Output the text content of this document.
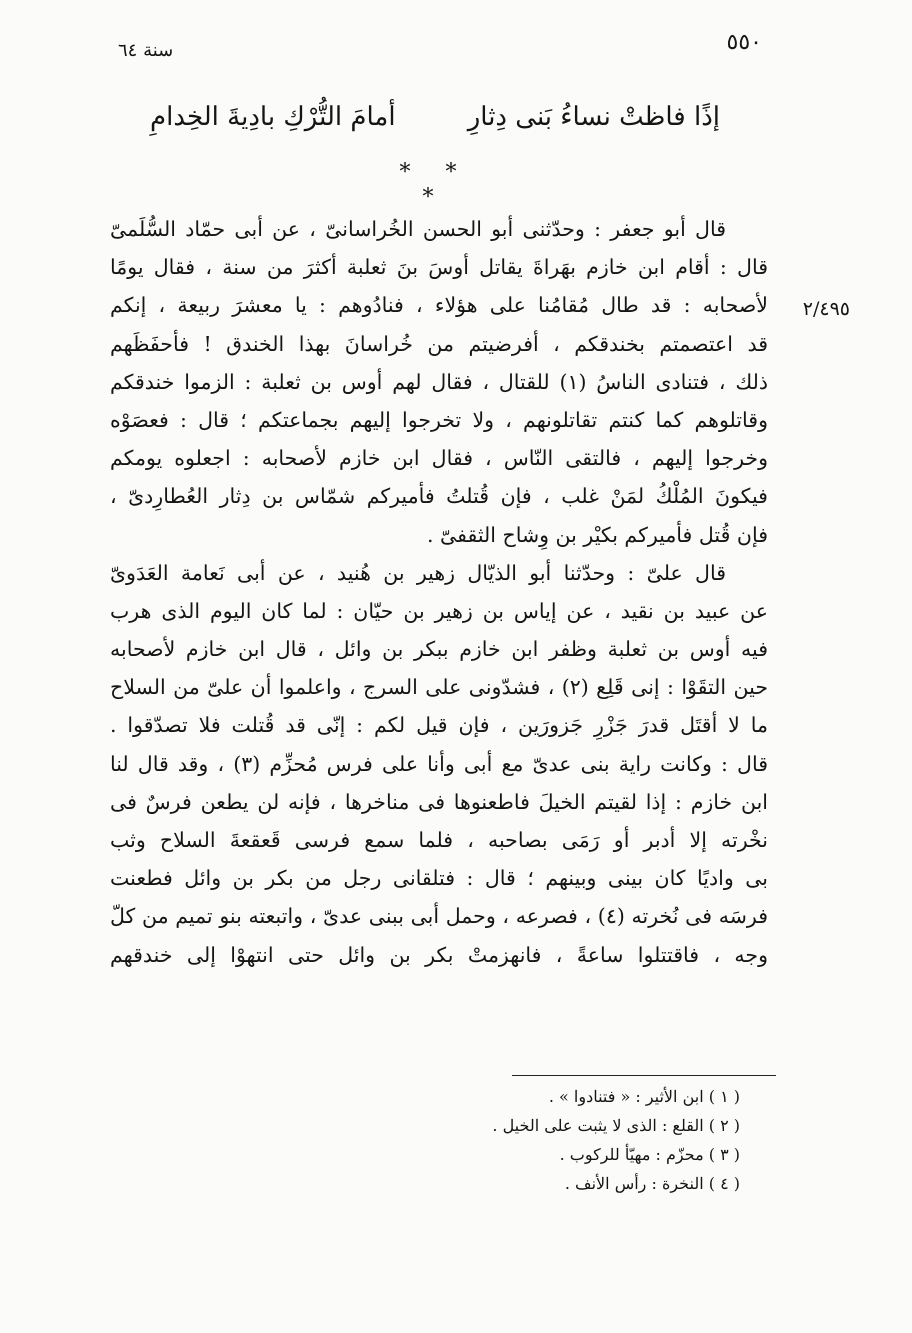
٥٥٠
سنة ٦٤
إذًا فاظتْ نساءُ بَنى دِثارِ
أمامَ التُّرْكِ بادِيةَ الخِدامِ
* * *
٢/٤٩٥
قال أبو جعفر : وحدّثنى أبو الحسن الخُراسانىّ ، عن أبى حمّاد السُّلَمىّ
قال : أقام ابن خازم بهَراةَ يقاتل أوسَ بنَ ثعلبة أكثرَ من سنة ، فقال يومًا
لأصحابه : قد طال مُقامُنا على هؤلاء ، فنادُوهم : يا معشرَ ربيعة ، إنكم
قد اعتصمتم بخندقكم ، أفرضيتم من خُراسانَ بهذا الخندق ! فأحفَظَهم
ذلك ، فتنادى الناسُ (١) للقتال ، فقال لهم أوس بن ثعلبة : الزموا خندقكم
وقاتلوهم كما كنتم تقاتلونهم ، ولا تخرجوا إليهم بجماعتكم ؛ قال : فعصَوْه
وخرجوا إليهم ، فالتقى النّاس ، فقال ابن خازم لأصحابه : اجعلوه يومكم
فيكونَ المُلْكُ لمَنْ غلب ، فإن قُتلتُ فأميركم شمّاس بن دِثار العُطارِدىّ ،
فإن قُتل فأميركم بكيْر بن وِشاح الثقفىّ .
قال علىّ : وحدّثنا أبو الذيّال زهير بن هُنيد ، عن أبى نَعامة العَدَوىّ
عن عبيد بن نقيد ، عن إياس بن زهير بن حيّان : لما كان اليوم الذى هرب
فيه أوس بن ثعلبة وظفر ابن خازم ببكر بن وائل ، قال ابن خازم لأصحابه
حين التقَوْا : إنى قَلِع (٢) ، فشدّونى على السرج ، واعلموا أن علىّ من السلاح
ما لا أقتَل قدرَ جَزْرِ جَزورَين ، فإن قيل لكم : إنّى قد قُتلت فلا تصدّقوا .
قال : وكانت راية بنى عدىّ مع أبى وأنا على فرس مُحزِّم (٣) ، وقد قال لنا
ابن خازم : إذا لقيتم الخيلَ فاطعنوها فى مناخرها ، فإنه لن يطعن فرسٌ فى
نخْرته إلا أدبر أو رَمَى بصاحبه ، فلما سمع فرسى قَعقعةَ السلاح وثب
بى واديًا كان بينى وبينهم ؛ قال : فتلقانى رجل من بكر بن وائل فطعنت
فرسَه فى نُخرته (٤) ، فصرعه ، وحمل أبى ببنى عدىّ ، واتبعته بنو تميم من كلّ
وجه ، فاقتتلوا ساعةً ، فانهزمتْ بكر بن وائل حتى انتهوْا إلى خندقهم
( ١ ) ابن الأثير : « فتنادوا » .
( ٢ ) القلع : الذى لا يثبت على الخيل .
( ٣ ) محزّم : مهيّأ للركوب .
( ٤ ) النخرة : رأس الأنف .
